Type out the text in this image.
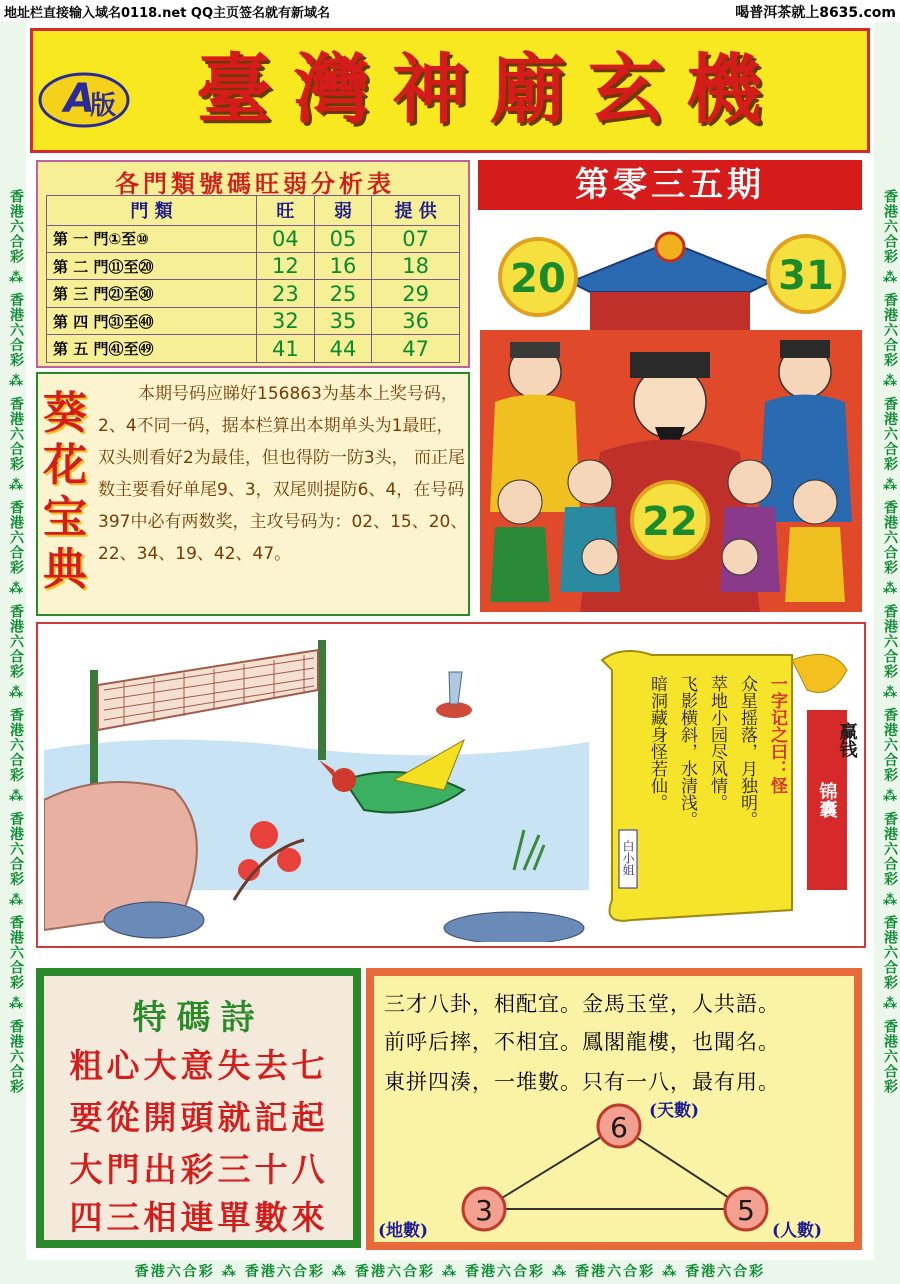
地址栏直接输入域名0118.net QQ主页签名就有新域名	喝普洱茶就上8635.com
香港六合彩 ⁂ 香港六合彩 ⁂ 香港六合彩 ⁂ 香港六合彩 ⁂ 香港六合彩 ⁂ 香港六合彩
香港六合彩 ⁂ 香港六合彩 ⁂ 香港六合彩 ⁂ 香港六合彩 ⁂ 香港六合彩 ⁂ 香港六合彩 ⁂ 香港六合彩 ⁂ 香港六合彩 ⁂ 香港六合彩
香港六合彩 ⁂ 香港六合彩 ⁂ 香港六合彩 ⁂ 香港六合彩 ⁂ 香港六合彩 ⁂ 香港六合彩 ⁂ 香港六合彩 ⁂ 香港六合彩 ⁂ 香港六合彩
A
版	臺灣神廟玄機
各門類號碼旺弱分析表
門 類	旺	弱	提 供
第 一 門①至⑩	04	05	07
第 二 門⑪至⑳	12	16	18
第 三 門㉑至㉚	23	25	29
第 四 門㉛至㊵	32	35	36
第 五 門㊶至㊾	41	44	47
第零三五期
20	31
22
葵花宝典
本期号码应睇好156863为基本上奖号码，2、4不同一码，据本栏算出本期单头为1最旺，双头则看好2为最佳，但也得防一防3头， 而正尾数主要看好单尾9、3，双尾则提防6、4，在号码397中必有两数奖，主攻号码为：02、15、20、22、34、19、42、47。
锦囊
赢钱
一字记之曰：怪
众星摇落，月独明。
萃地小园尽风情。
飞影横斜，水清浅。
暗洞藏身怪若仙。
白小姐
特碼詩
粗心大意失去七
要從開頭就記起
大門出彩三十八
四三相連單數來
三才八卦，相配宜。金馬玉堂，人共語。
前呼后摔，不相宜。鳳閣龍樓，也聞名。
東拼四湊，一堆數。只有一八，最有用。
6 (天數)
3
(地數)
5
(人數)
